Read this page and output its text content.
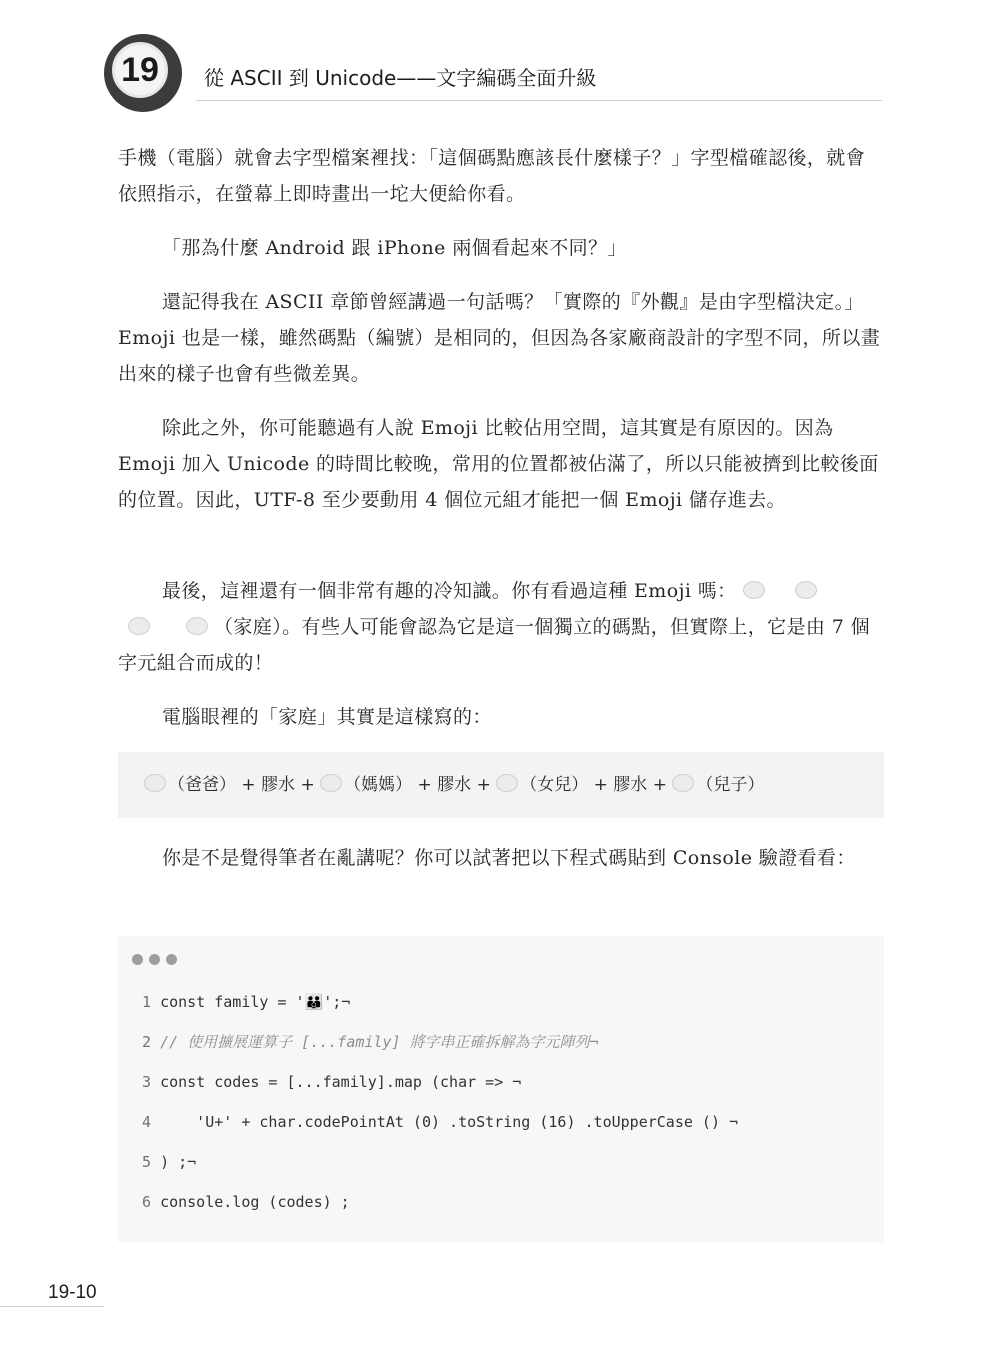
19	從 ASCII 到 Unicode——文字編碼全面升級
手機（電腦）就會去字型檔案裡找：「這個碼點應該長什麼樣子？」字型檔確認後，就會依照指示，在螢幕上即時畫出一坨大便給你看。
「那為什麼 Android 跟 iPhone 兩個看起來不同？」
還記得我在 ASCII 章節曾經講過一句話嗎？「實際的『外觀』是由字型檔決定。」Emoji 也是一樣，雖然碼點（編號）是相同的，但因為各家廠商設計的字型不同，所以畫出來的樣子也會有些微差異。
除此之外，你可能聽過有人說 Emoji 比較佔用空間，這其實是有原因的。因為 Emoji 加入 Unicode 的時間比較晚，常用的位置都被佔滿了，所以只能被擠到比較後面的位置。因此，UTF-8 至少要動用 4 個位元組才能把一個 Emoji 儲存進去。
最後，這裡還有一個非常有趣的冷知識。你有看過這種 Emoji 嗎：（家庭）。有些人可能會認為它是這一個獨立的碼點，但實際上，它是由 7 個字元組合而成的！
電腦眼裡的「家庭」其實是這樣寫的：
（爸爸） + 膠水 + （媽媽） + 膠水 + （女兒） + 膠水 + （兒子）
你是不是覺得筆者在亂講呢？你可以試著把以下程式碼貼到 Console 驗證看看：
1 const family = '👪';¬
2 // 使用擴展運算子 [...family] 將字串正確拆解為字元陣列¬
3 const codes = [...family].map (char => ¬
4     'U+' + char.codePointAt (0) .toString (16) .toUpperCase () ¬
5 ) ;¬
6 console.log (codes) ;
19-10
